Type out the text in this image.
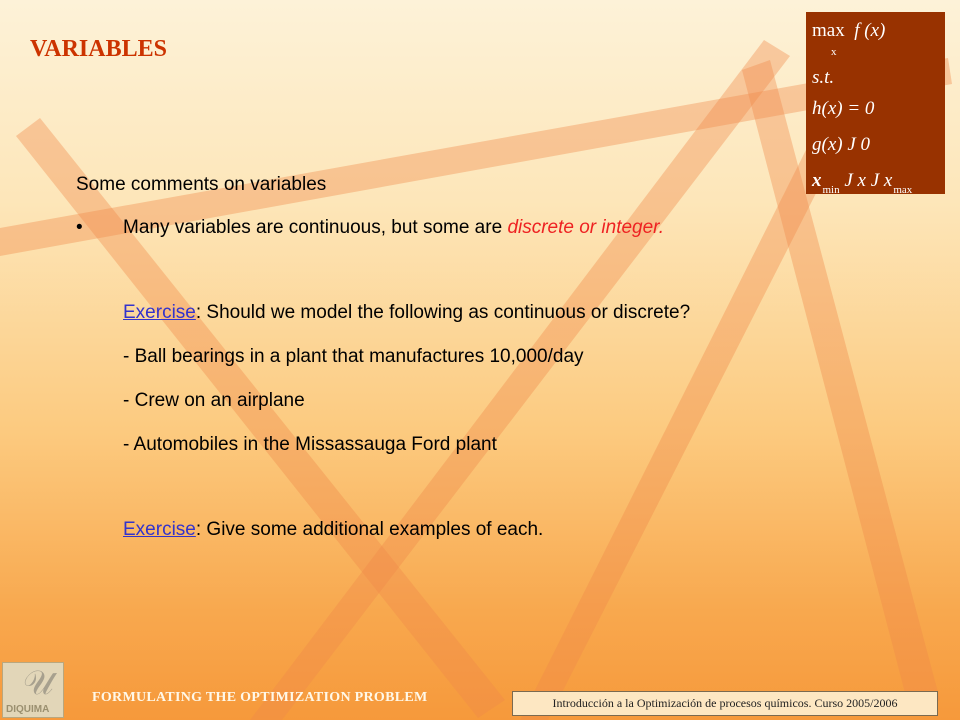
VARIABLES
max f (x)
x
s.t.
h(x) = 0
g(x) J 0
$x_{min}$ J x J $x_{max}$

Some comments on variables

• Many variables are continuous, but some are discrete or integer.

Exercise: Should we model the following as continuous or discrete?

- Ball bearings in a plant that manufactures 10,000/day

- Crew on an airplane

- Automobiles in the Missassauga Ford plant

Exercise: Give some additional examples of each.

𝒰
DIQUIMA
FORMULATING THE OPTIMIZATION PROBLEM	Introducción a la Optimización de procesos químicos. Curso 2005/2006
